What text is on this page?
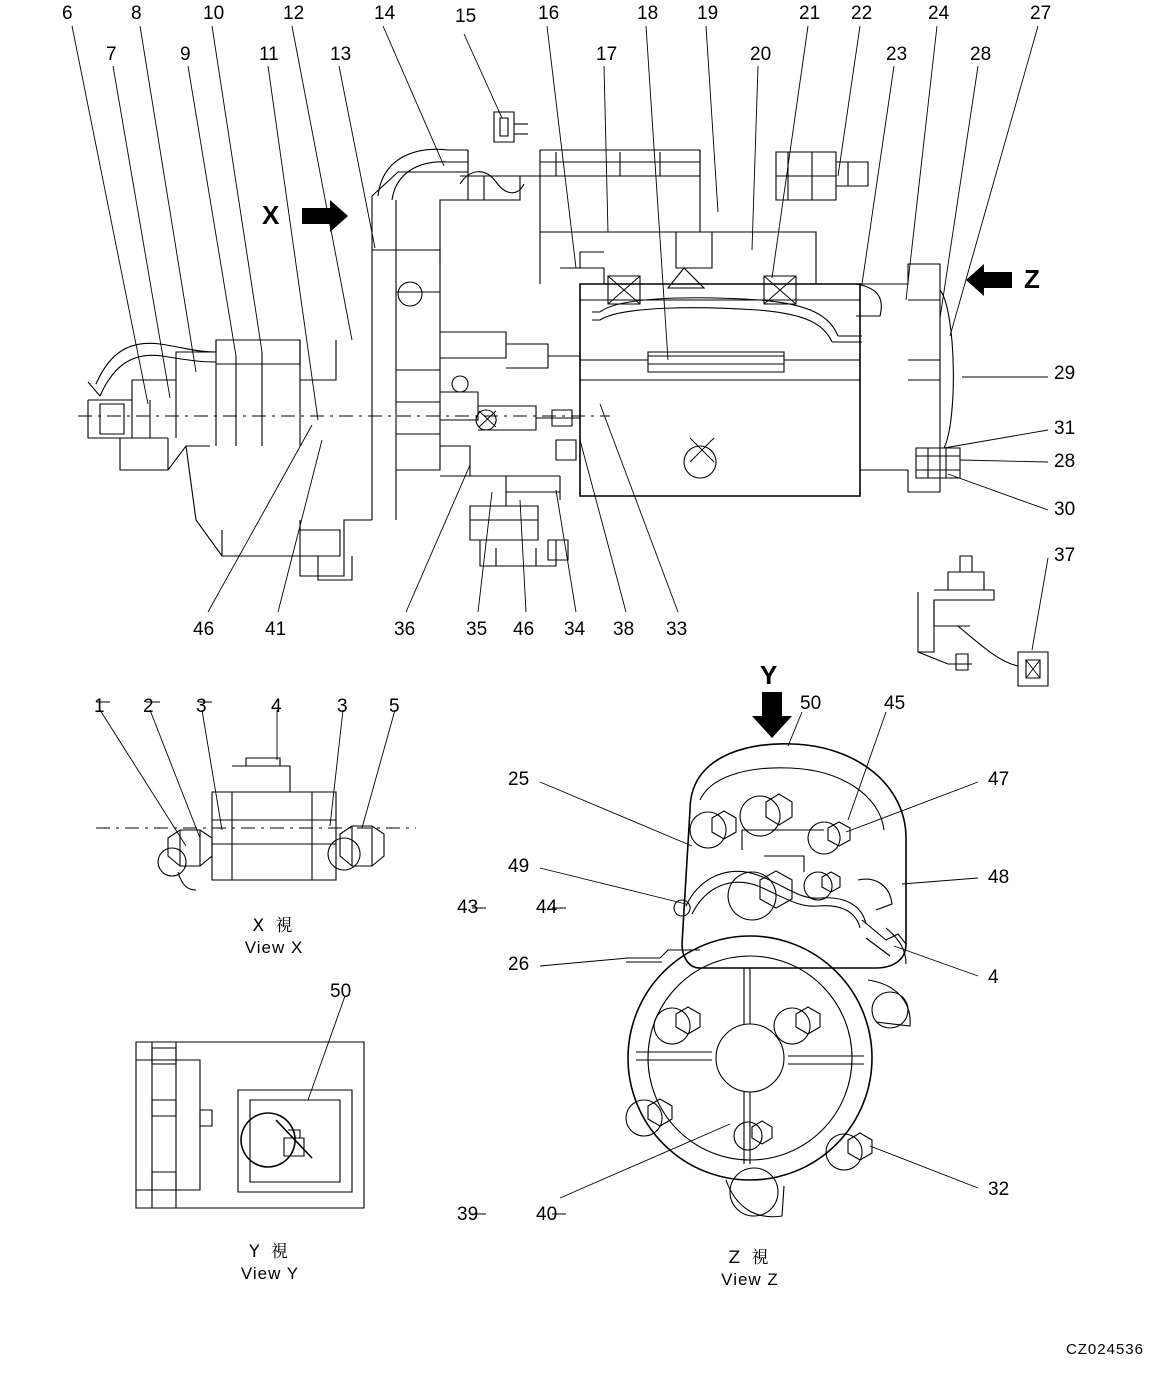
6	8	10	12	14	15	16	18 19	21 22	24	27
7	9	11	13	17	20	23	28
29
31
28
30
37
46	41	36	35 46 34 38 33
1 2 3	4	3 5
50
Y
50	45
25	47
49
48
43	44
26
4
32
39	40
X
Z
X 視
View X
Y 視
View Y
Z 視
View Z
CZ024536
